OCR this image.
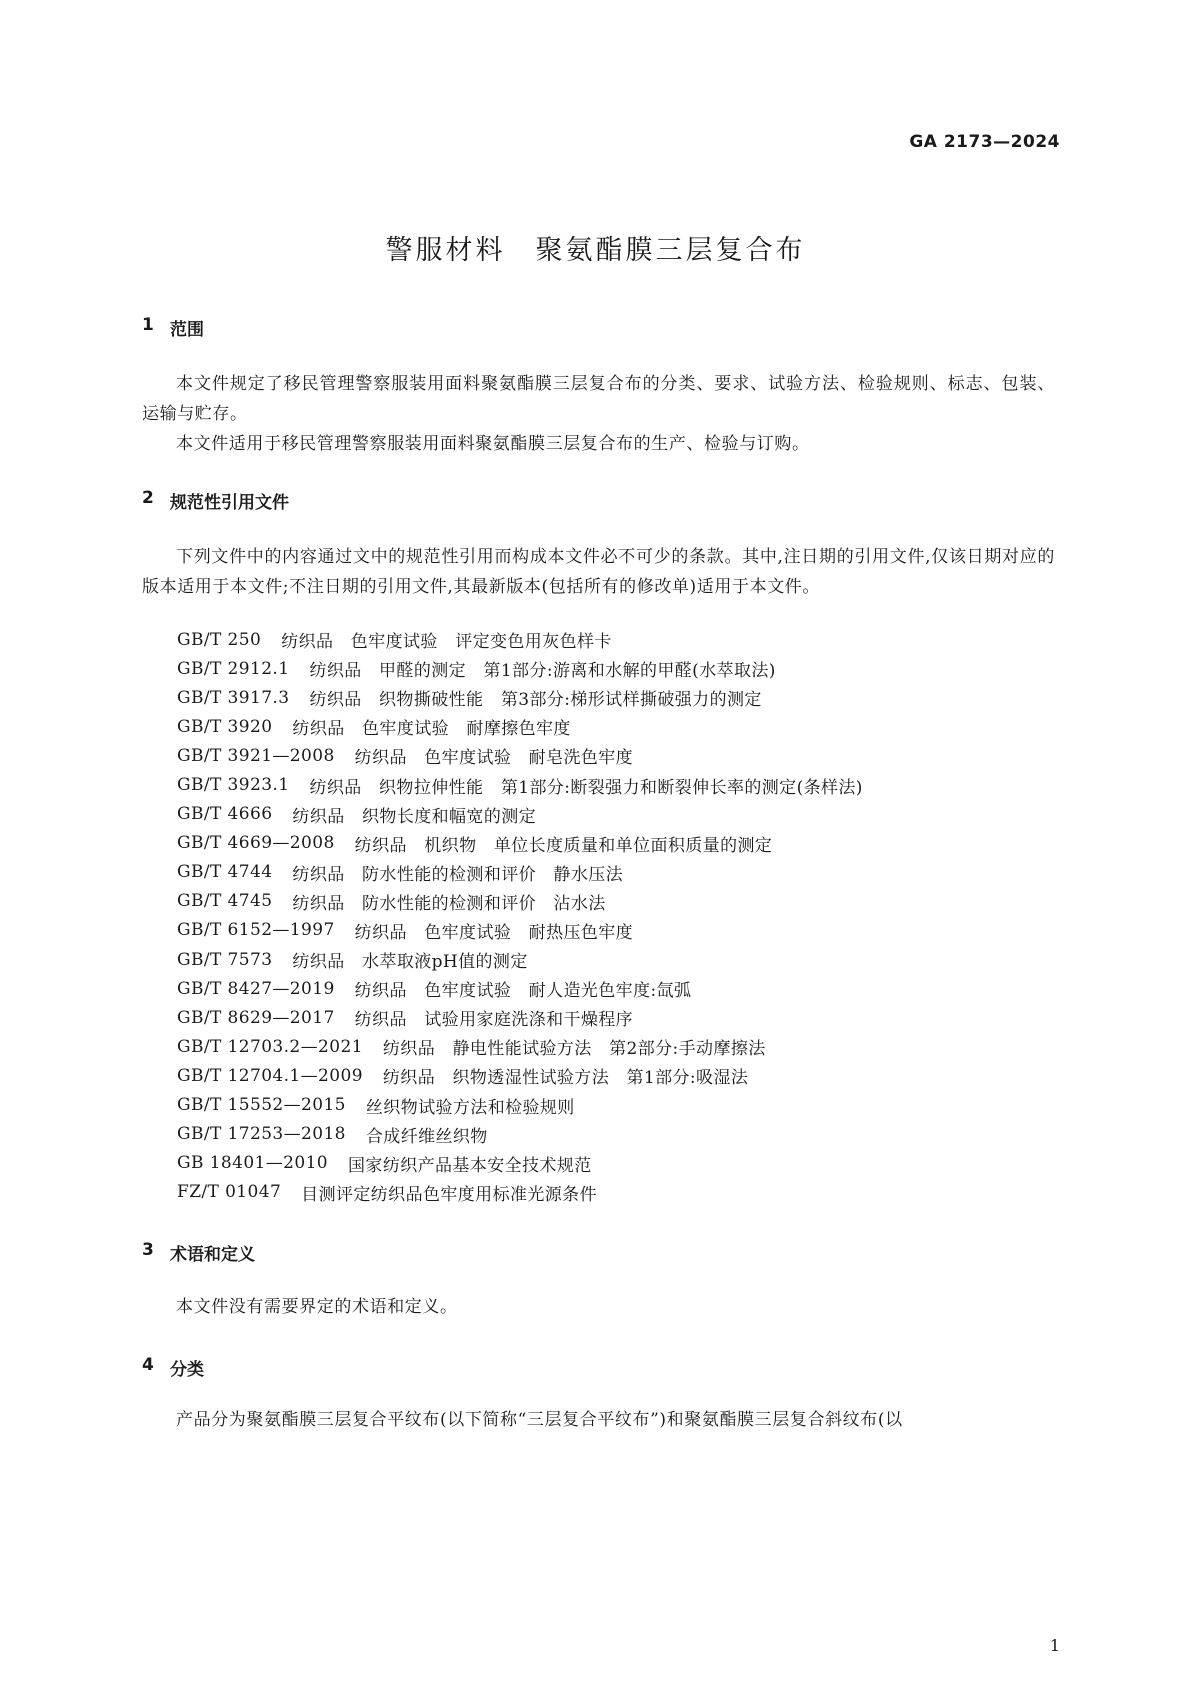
GA 2173—2024
警服材料 聚氨酯膜三层复合布
1 范围

本文件规定了移民管理警察服装用面料聚氨酯膜三层复合布的分类、要求、试验方法、检验规则、标志、包装、运输与贮存。

本文件适用于移民管理警察服装用面料聚氨酯膜三层复合布的生产、检验与订购。

2 规范性引用文件

下列文件中的内容通过文中的规范性引用而构成本文件必不可少的条款。其中,注日期的引用文件,仅该日期对应的版本适用于本文件;不注日期的引用文件,其最新版本(包括所有的修改单)适用于本文件。

GB/T 250 纺织品　色牢度试验　评定变色用灰色样卡
GB/T 2912.1 纺织品　甲醛的测定　第1部分:游离和水解的甲醛(水萃取法)
GB/T 3917.3 纺织品　织物撕破性能　第3部分:梯形试样撕破强力的测定
GB/T 3920 纺织品　色牢度试验　耐摩擦色牢度
GB/T 3921—2008 纺织品　色牢度试验　耐皂洗色牢度
GB/T 3923.1 纺织品　织物拉伸性能　第1部分:断裂强力和断裂伸长率的测定(条样法)
GB/T 4666 纺织品　织物长度和幅宽的测定
GB/T 4669—2008 纺织品　机织物　单位长度质量和单位面积质量的测定
GB/T 4744 纺织品　防水性能的检测和评价　静水压法
GB/T 4745 纺织品　防水性能的检测和评价　沾水法
GB/T 6152—1997 纺织品　色牢度试验　耐热压色牢度
GB/T 7573 纺织品　水萃取液pH值的测定
GB/T 8427—2019 纺织品　色牢度试验　耐人造光色牢度:氙弧
GB/T 8629—2017 纺织品　试验用家庭洗涤和干燥程序
GB/T 12703.2—2021 纺织品　静电性能试验方法　第2部分:手动摩擦法
GB/T 12704.1—2009 纺织品　织物透湿性试验方法　第1部分:吸湿法
GB/T 15552—2015 丝织物试验方法和检验规则
GB/T 17253—2018 合成纤维丝织物
GB 18401—2010 国家纺织产品基本安全技术规范
FZ/T 01047 目测评定纺织品色牢度用标准光源条件
3 术语和定义

本文件没有需要界定的术语和定义。

4 分类

产品分为聚氨酯膜三层复合平纹布(以下简称“三层复合平纹布”)和聚氨酯膜三层复合斜纹布(以

1
